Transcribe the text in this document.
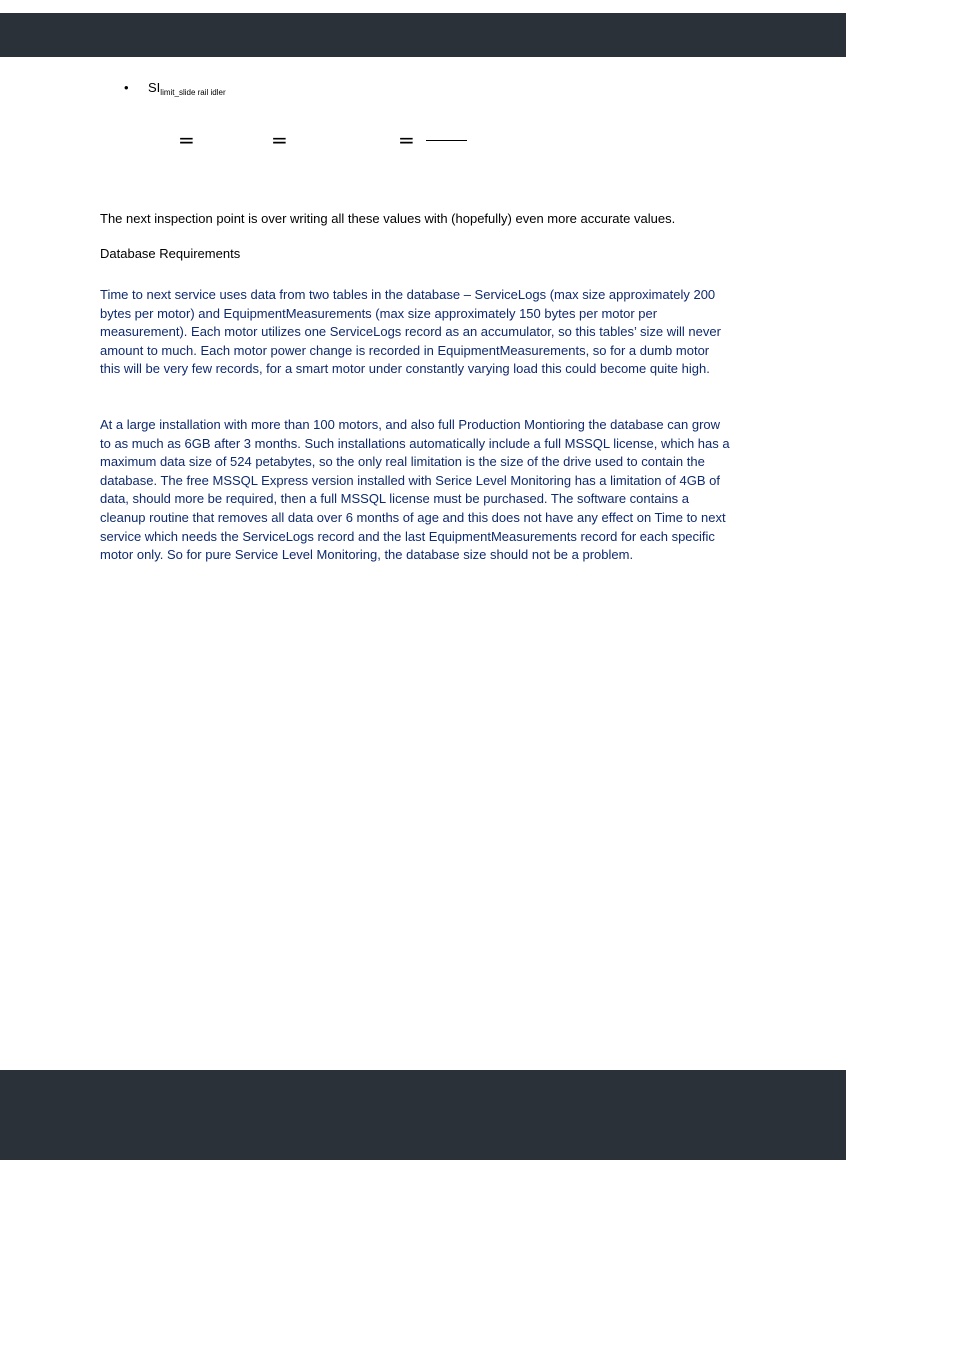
• $SI_{limit\_slide rail idler}$
=	=	=
The next inspection point is over writing all these values with (hopefully) even more accurate values.
Database Requirements
Time to next service uses data from two tables in the database – ServiceLogs (max size approximately 200 bytes per motor) and EquipmentMeasurements (max size approximately 150 bytes per motor per measurement). Each motor utilizes one ServiceLogs record as an accumulator, so this tables’ size will never amount to much. Each motor power change is recorded in EquipmentMeasurements, so for a dumb motor this will be very few records, for a smart motor under constantly varying load this could become quite high.
At a large installation with more than 100 motors, and also full Production Montioring the database can grow to as much as 6GB after 3 months. Such installations automatically include a full MSSQL license, which has a maximum data size of 524 petabytes, so the only real limitation is the size of the drive used to contain the database. The free MSSQL Express version installed with Serice Level Monitoring has a limitation of 4GB of data, should more be required, then a full MSSQL license must be purchased. The software contains a cleanup routine that removes all data over 6 months of age and this does not have any effect on Time to next service which needs the ServiceLogs record and the last EquipmentMeasurements record for each specific motor only. So for pure Service Level Monitoring, the database size should not be a problem.
